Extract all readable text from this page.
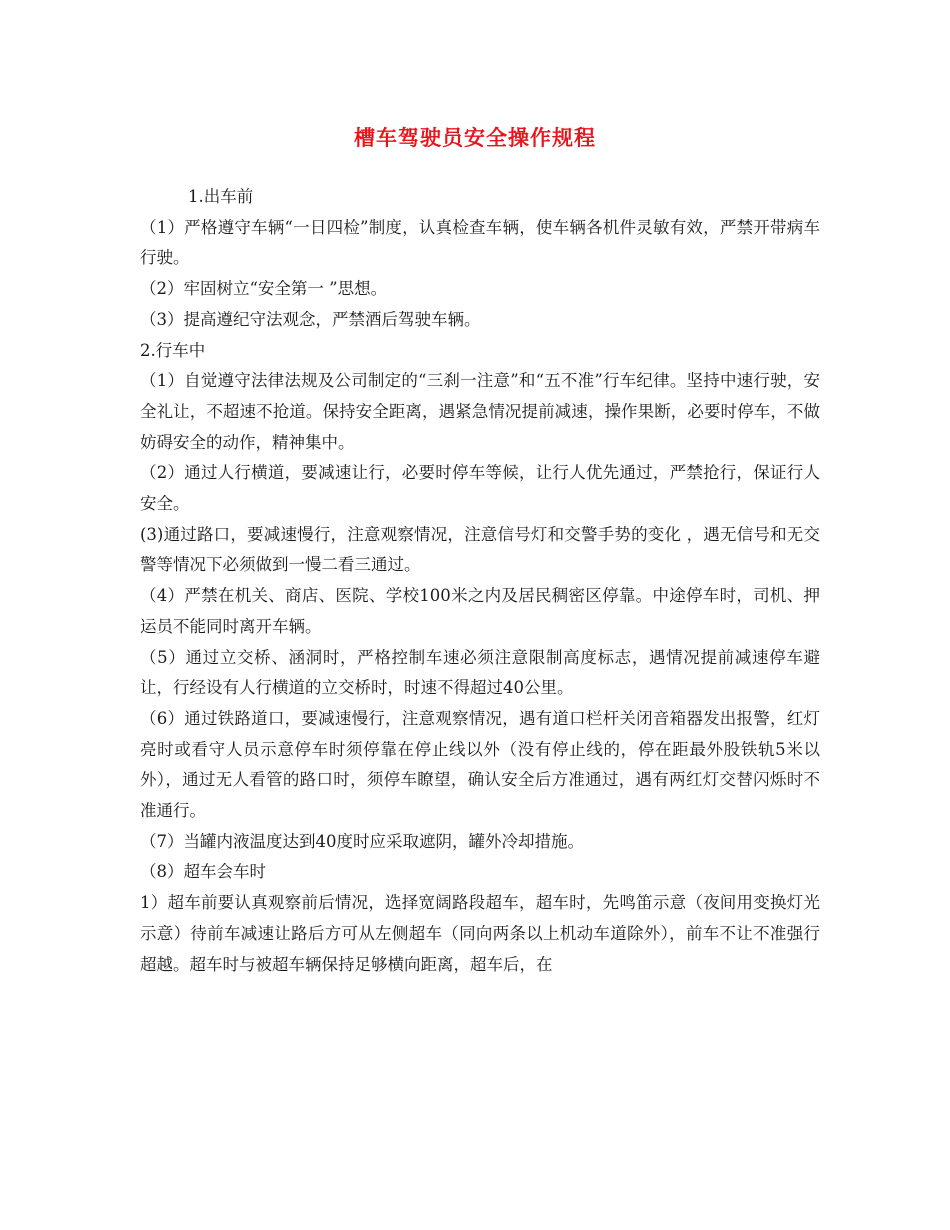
槽车驾驶员安全操作规程

1.出车前

（1）严格遵守车辆“一日四检”制度，认真检查车辆，使车辆各机件灵敏有效，严禁开带病车行驶。

（2）牢固树立“安全第一 ”思想。

（3）提高遵纪守法观念，严禁酒后驾驶车辆。

2.行车中

（1）自觉遵守法律法规及公司制定的“三刹一注意”和“五不准”行车纪律。坚持中速行驶，安全礼让，不超速不抢道。保持安全距离，遇紧急情况提前减速，操作果断，必要时停车，不做妨碍安全的动作，精神集中。

（2）通过人行横道，要减速让行，必要时停车等候，让行人优先通过，严禁抢行，保证行人安全。

(3)通过路口，要减速慢行，注意观察情况，注意信号灯和交警手势的变化 ，遇无信号和无交警等情况下必须做到一慢二看三通过。

（4）严禁在机关、商店、医院、学校100米之内及居民稠密区停靠。中途停车时，司机、押运员不能同时离开车辆。

（5）通过立交桥、涵洞时，严格控制车速必须注意限制高度标志，遇情况提前减速停车避让，行经设有人行横道的立交桥时，时速不得超过40公里。

（6）通过铁路道口，要减速慢行，注意观察情况，遇有道口栏杆关闭音箱器发出报警，红灯亮时或看守人员示意停车时须停靠在停止线以外（没有停止线的，停在距最外股铁轨5米以外），通过无人看管的路口时，须停车瞭望，确认安全后方准通过，遇有两红灯交替闪烁时不准通行。

（7）当罐内液温度达到40度时应采取遮阴，罐外冷却措施。

（8）超车会车时

1）超车前要认真观察前后情况，选择宽阔路段超车，超车时，先鸣笛示意（夜间用变换灯光示意）待前车减速让路后方可从左侧超车（同向两条以上机动车道除外），前车不让不准强行超越。超车时与被超车辆保持足够横向距离，超车后，在
